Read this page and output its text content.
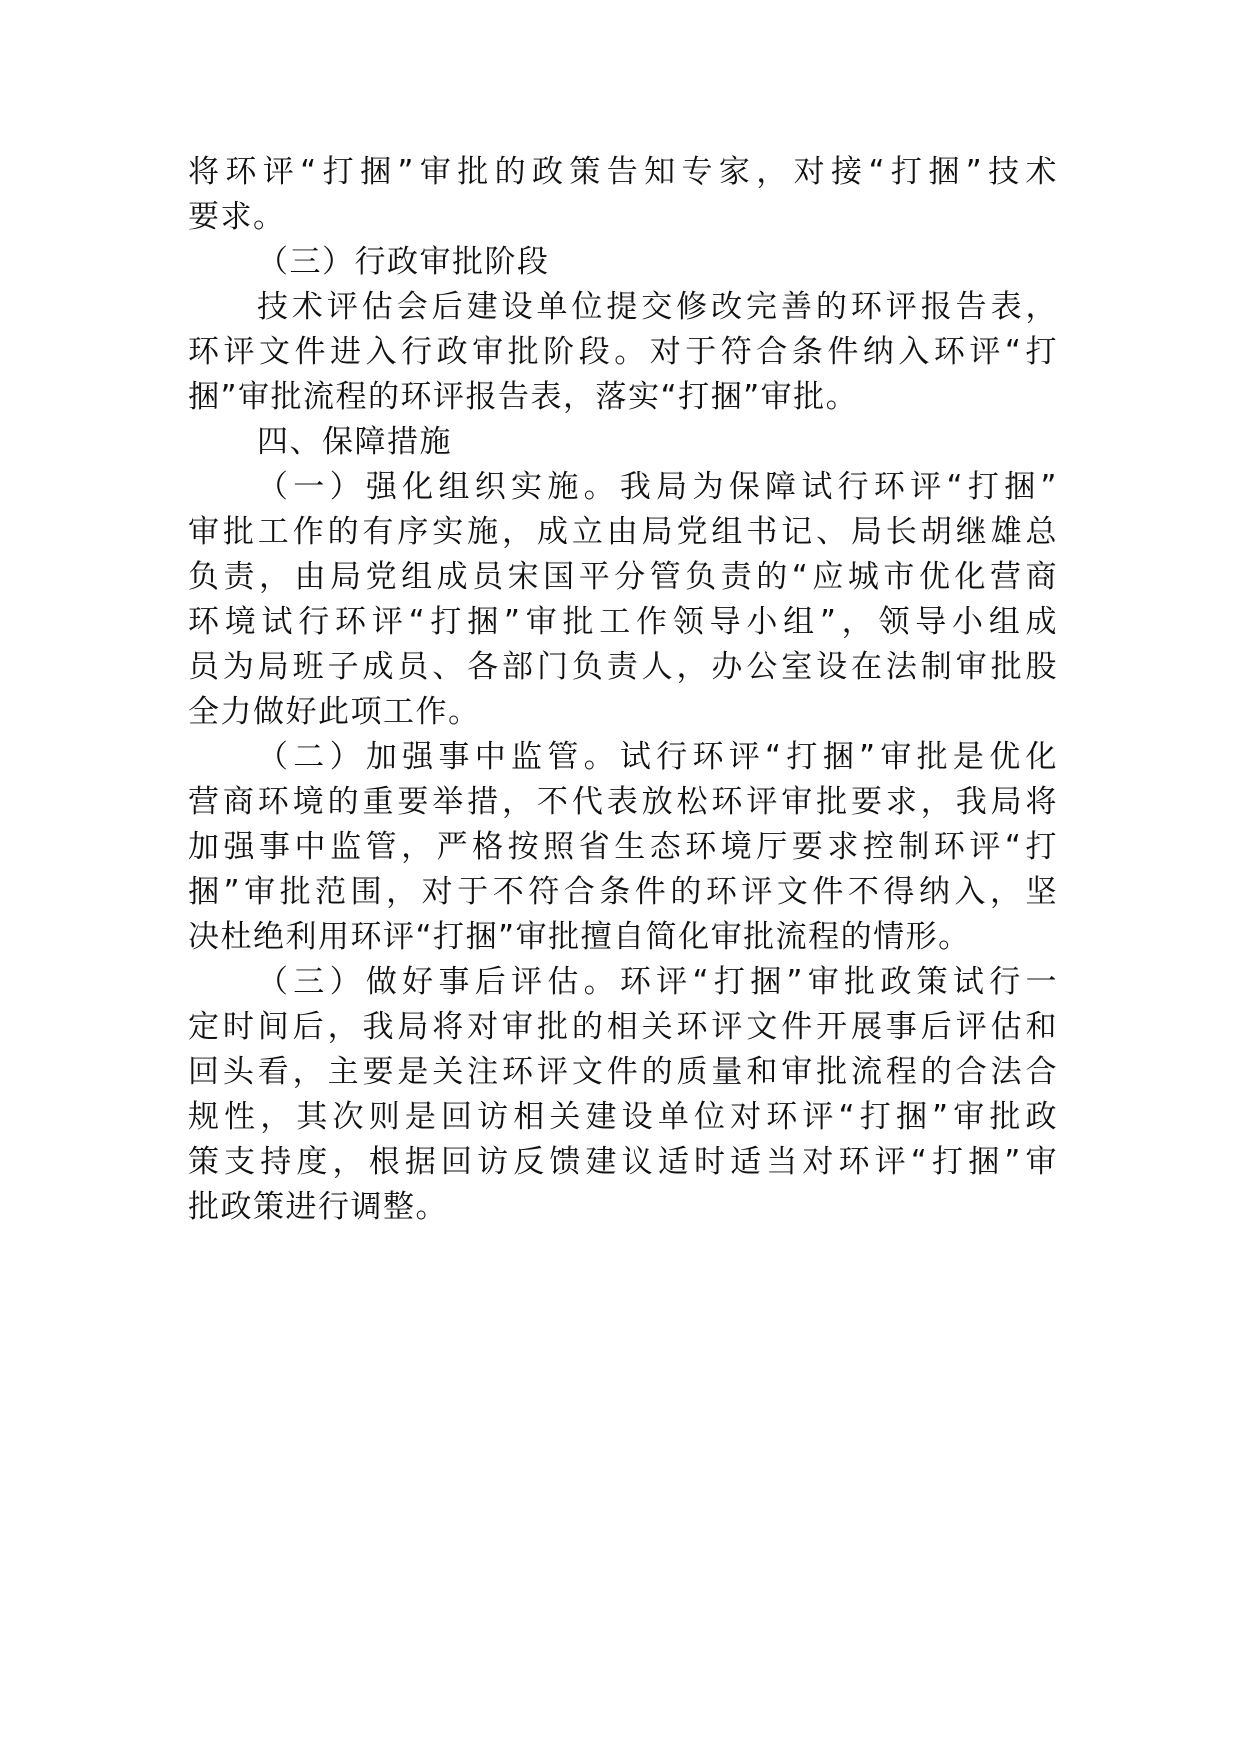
将环评“打捆”审批的政策告知专家，对接“打捆”技术
要求。
（三）行政审批阶段
技术评估会后建设单位提交修改完善的环评报告表，
环评文件进入行政审批阶段。对于符合条件纳入环评“打
捆”审批流程的环评报告表，落实“打捆”审批。
四、保障措施
（一）强化组织实施。我局为保障试行环评“打捆”
审批工作的有序实施，成立由局党组书记、局长胡继雄总
负责，由局党组成员宋国平分管负责的“应城市优化营商
环境试行环评“打捆”审批工作领导小组”，领导小组成
员为局班子成员、各部门负责人，办公室设在法制审批股
全力做好此项工作。
（二）加强事中监管。试行环评“打捆”审批是优化
营商环境的重要举措，不代表放松环评审批要求，我局将
加强事中监管，严格按照省生态环境厅要求控制环评“打
捆”审批范围，对于不符合条件的环评文件不得纳入，坚
决杜绝利用环评“打捆”审批擅自简化审批流程的情形。
（三）做好事后评估。环评“打捆”审批政策试行一
定时间后，我局将对审批的相关环评文件开展事后评估和
回头看，主要是关注环评文件的质量和审批流程的合法合
规性，其次则是回访相关建设单位对环评“打捆”审批政
策支持度，根据回访反馈建议适时适当对环评“打捆”审
批政策进行调整。
